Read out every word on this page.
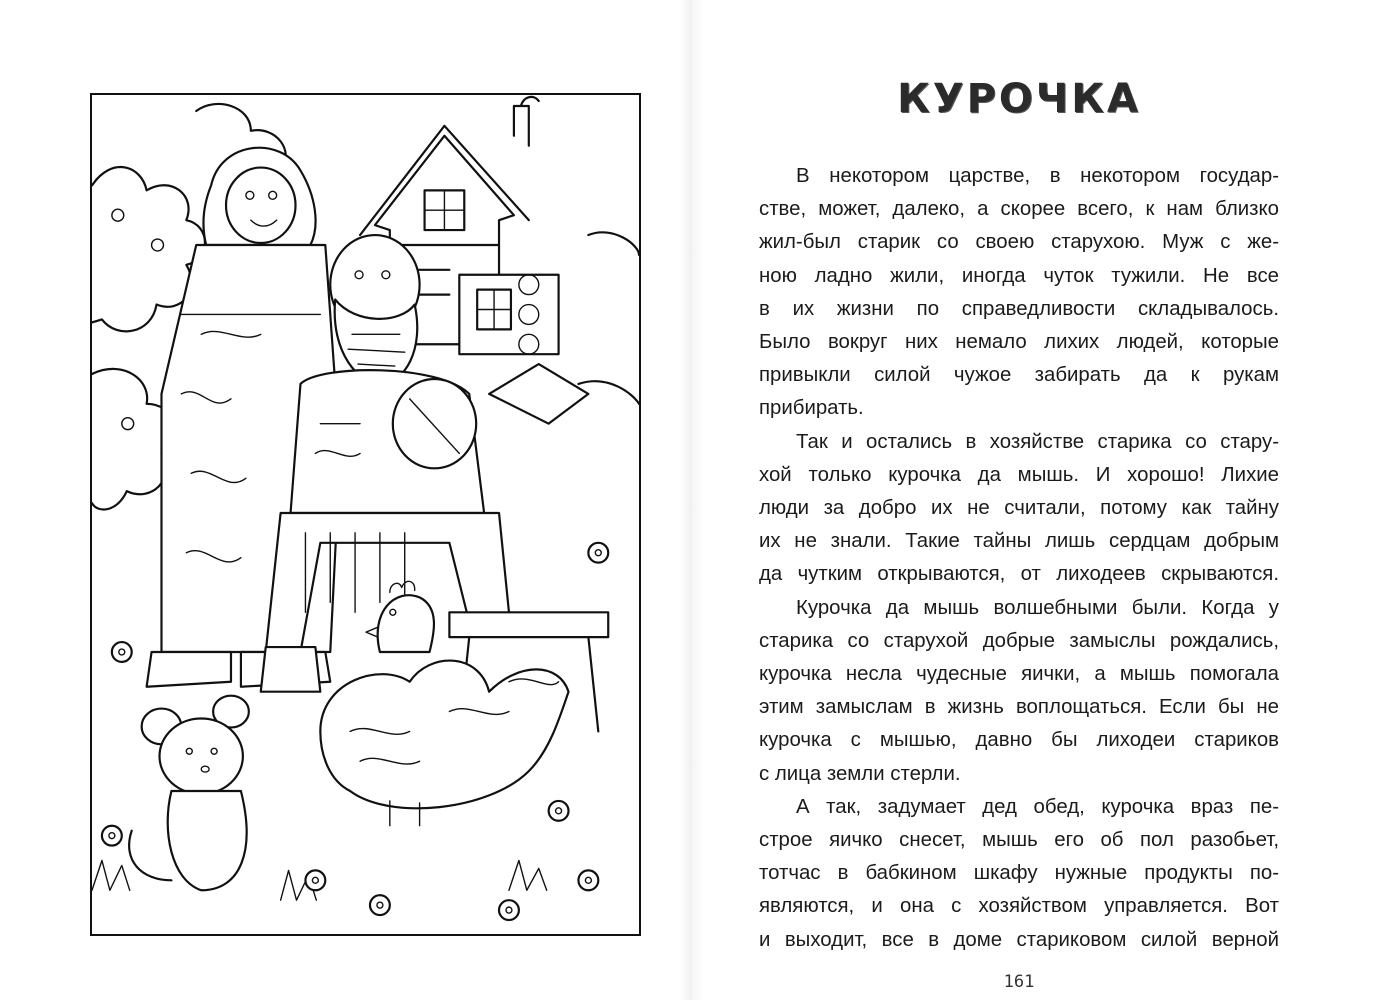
КУРОЧКА
В некотором царстве, в некотором государ-
стве, может, далеко, а скорее всего, к нам близко
жил-был старик со своею старухою. Муж с же-
ною ладно жили, иногда чуток тужили. Не все
в их жизни по справедливости складывалось.
Было вокруг них немало лихих людей, которые
привыкли силой чужое забирать да к рукам
прибирать.
Так и остались в хозяйстве старика со стару-
хой только курочка да мышь. И хорошо! Лихие
люди за добро их не считали, потому как тайну
их не знали. Такие тайны лишь сердцам добрым
да чутким открываются, от лиходеев скрываются.
Курочка да мышь волшебными были. Когда у
старика со старухой добрые замыслы рождались,
курочка несла чудесные яички, а мышь помогала
этим замыслам в жизнь воплощаться. Если бы не
курочка с мышью, давно бы лиходеи стариков
с лица земли стерли.
А так, задумает дед обед, курочка враз пе-
строе яичко снесет, мышь его об пол разобьет,
тотчас в бабкином шкафу нужные продукты по-
являются, и она с хозяйством управляется. Вот
и выходит, все в доме стариковом силой верной
161
